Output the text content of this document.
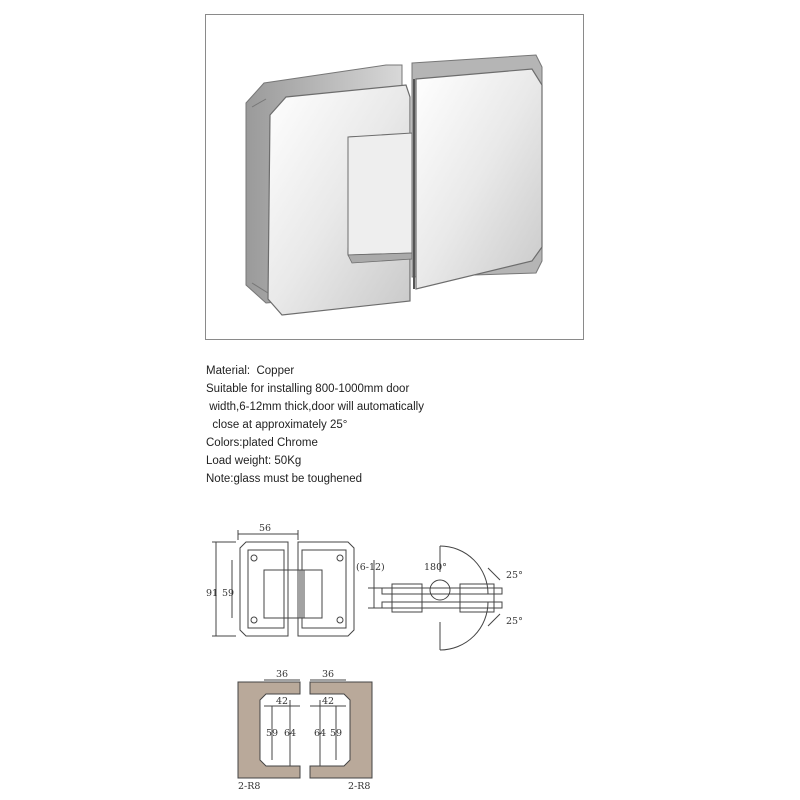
Material:  Copper
Suitable for installing 800-1000mm door
width,6-12mm thick,door will automatically
close at approximately 25°
Colors:plated Chrome
Load weight: 50Kg
Note:glass must be toughened
56
91 59
(6-12)	180°
25°
25°
36	36
42	42
59 64 64 59
2-R8	2-R8
